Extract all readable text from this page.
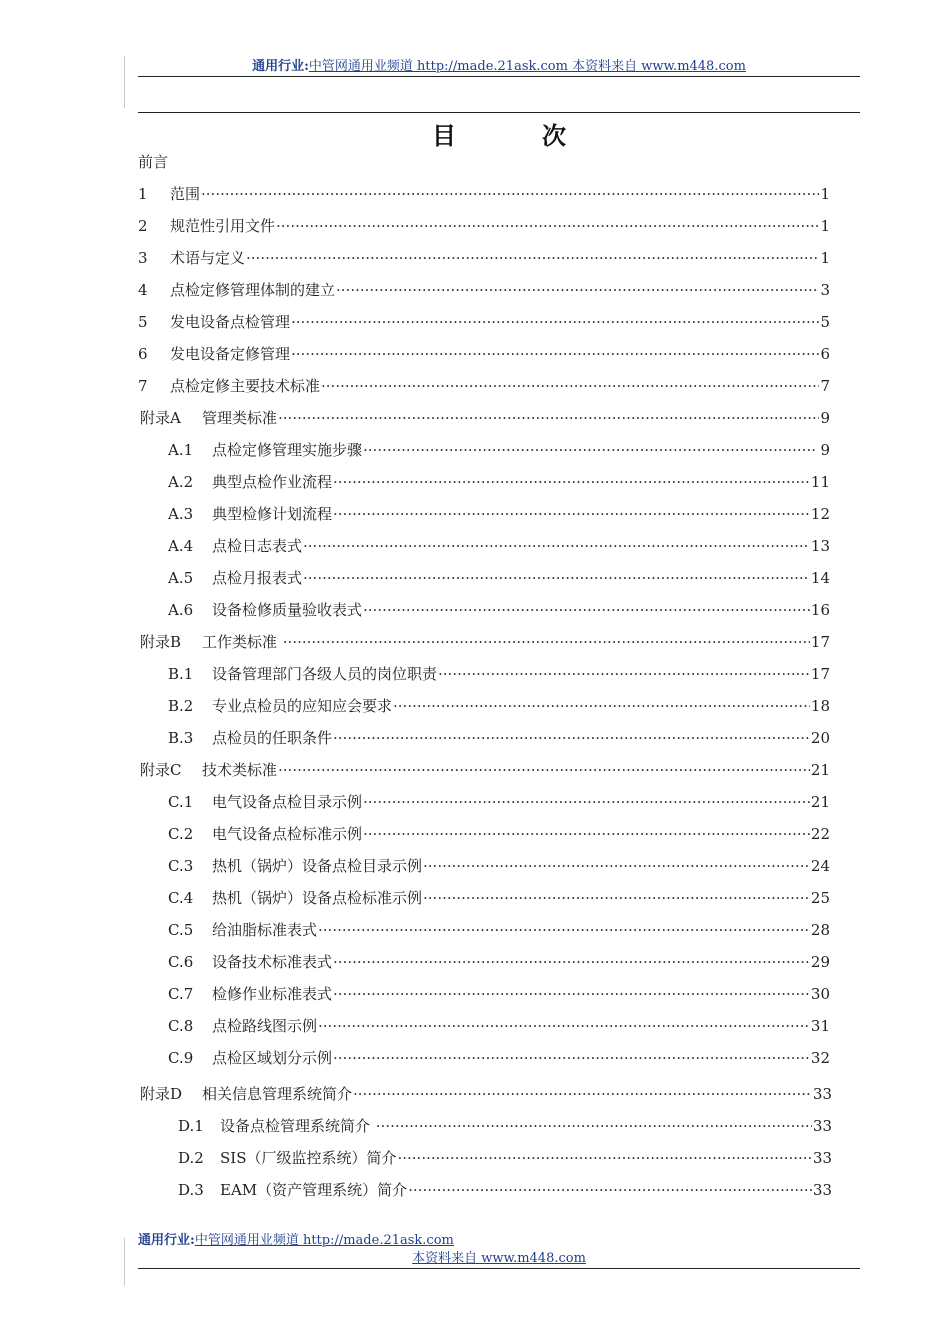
通用行业:中管网通用业频道 http://made.21ask.com 本资料来自 www.m448.com
目次
前言
1	范围 ·····	1
2	规范性引用文件 ·····	1
3	术语与定义 ·····	1
4	点检定修管理体制的建立 ·····	3
5	发电设备点检管理 ·····	5
6	发电设备定修管理 ·····	6
7	点检定修主要技术标准 ·····	7
附录A	管理类标准 ·····	9
A.1	点检定修管理实施步骤 ·····	9
A.2	典型点检作业流程 ·····	11
A.3	典型检修计划流程 ·····	12
A.4	点检日志表式 ·····	13
A.5	点检月报表式 ·····	14
A.6	设备检修质量验收表式 ·····	16
附录B	工作类标准 ·····	17
B.1	设备管理部门各级人员的岗位职责 ·····	17
B.2	专业点检员的应知应会要求 ·····	18
B.3	点检员的任职条件 ·····	20
附录C	技术类标准 ·····	21
C.1	电气设备点检目录示例 ·····	21
C.2	电气设备点检标准示例 ·····	22
C.3	热机（锅炉）设备点检目录示例 ·····	24
C.4	热机（锅炉）设备点检标准示例 ·····	25
C.5	给油脂标准表式 ·····	28
C.6	设备技术标准表式 ·····	29
C.7	检修作业标准表式 ·····	30
C.8	点检路线图示例 ·····	31
C.9	点检区域划分示例 ·····	32
附录D	相关信息管理系统简介 ·····	33
D.1	设备点检管理系统简介 ·····	33
D.2	SIS（厂级监控系统）简介 ·····	33
D.3	EAM（资产管理系统）简介 ·····	33
通用行业:中管网通用业频道 http://made.21ask.com
本资料来自 www.m448.com
